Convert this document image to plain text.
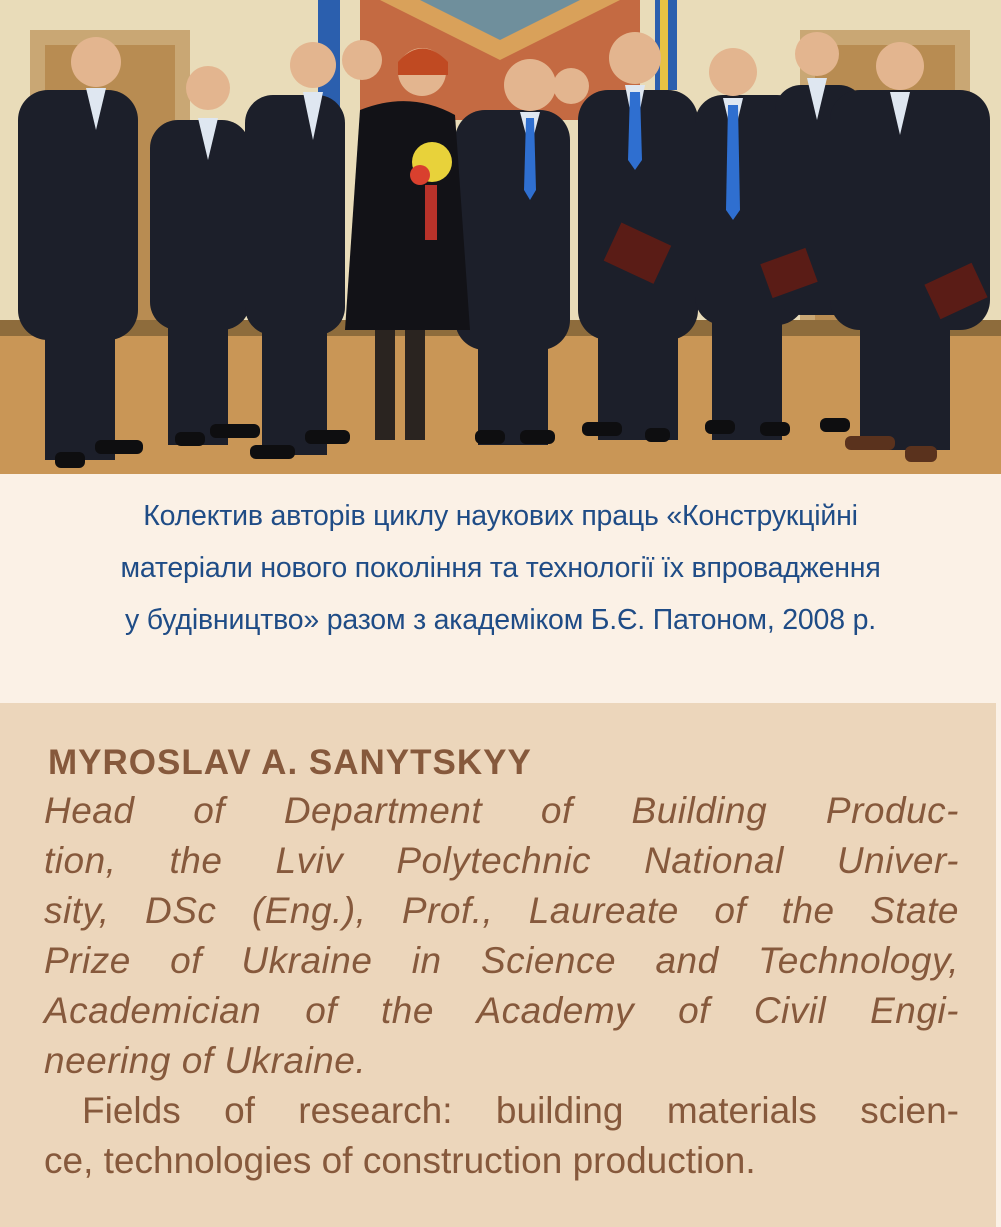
Колектив авторів циклу наукових праць «Конструкційні
матеріали нового покоління та технології їх впровадження
у будівництво» разом з академіком Б.Є. Патоном, 2008 р.
MYROSLAV A. SANYTSKYY
Head of Department of Building Produc-
tion, the Lviv Polytechnic National Univer-
sity, DSc (Eng.), Prof., Laureate of the State
Prize of Ukraine in Science and Technology,
Academician of the Academy of Civil Engi-
neering of Ukraine.
Fields of research: building materials scien-
ce, technologies of construction production.
